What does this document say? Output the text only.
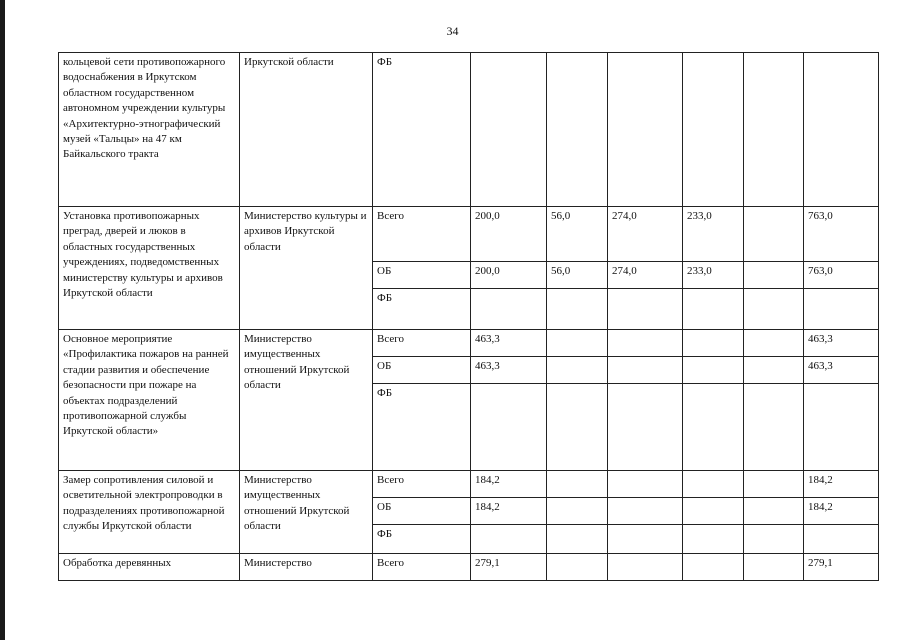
34
кольцевой сети противопожарного водоснабжения в Иркутском областном государственном автономном учреждении культуры «Архитектурно-этнографический музей «Тальцы» на 47 км Байкальского тракта	Иркутской области	ФБ						
Установка противопожарных преград, дверей и люков в областных государственных учреждениях, подведомственных министерству культуры и архивов Иркутской области	Министерство культуры и архивов Иркутской области	Всего	200,0	56,0	274,0	233,0		763,0
		ОБ	200,0	56,0	274,0	233,0		763,0
		ФБ						
Основное мероприятие «Профилактика пожаров на ранней стадии развития и обеспечение безопасности при пожаре на объектах подразделений противопожарной службы Иркутской области»	Министерство имущественных отношений Иркутской области	Всего	463,3					463,3
		ОБ	463,3					463,3
		ФБ						
Замер сопротивления силовой и осветительной электропроводки в подразделениях противопожарной службы Иркутской области	Министерство имущественных отношений Иркутской области	Всего	184,2					184,2
		ОБ	184,2					184,2
		ФБ						
Обработка деревянных	Министерство	Всего	279,1					279,1
